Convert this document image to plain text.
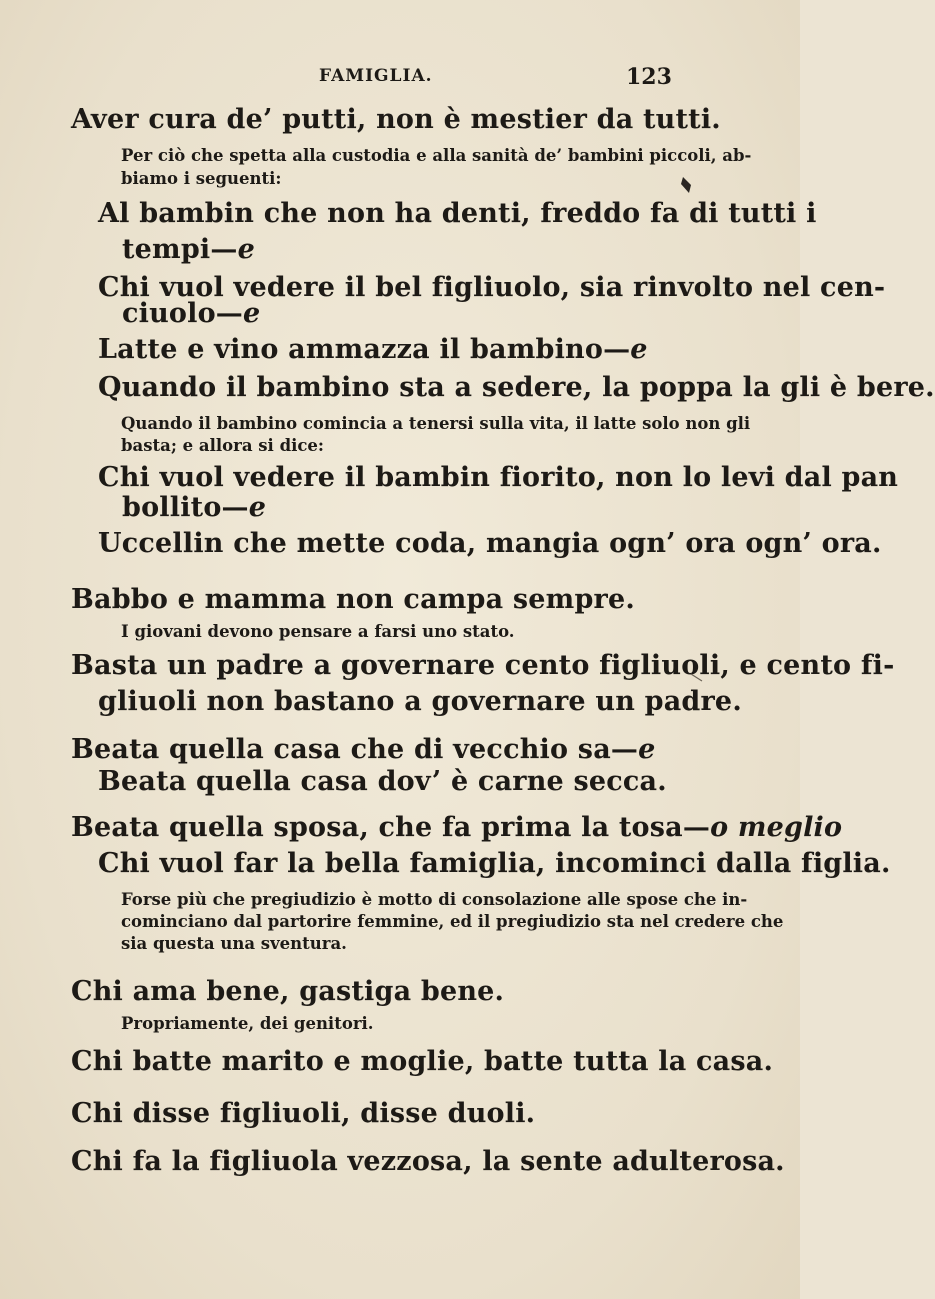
FAMIGLIA.	123
Aver cura de’ putti, non è mestier da tutti.
Per ciò che spetta alla custodia e alla sanità de’ bambini piccoli, ab-
biamo i seguenti:
Al bambin che non ha denti, freddo fa di tutti i
tempi—e
Chi vuol vedere il bel figliuolo, sia rinvolto nel cen-
ciuolo—e
Latte e vino ammazza il bambino—e
Quando il bambino sta a sedere, la poppa la gli è bere.
Quando il bambino comincia a tenersi sulla vita, il latte solo non gli
basta; e allora si dice:
Chi vuol vedere il bambin fiorito, non lo levi dal pan
bollito—e
Uccellin che mette coda, mangia ogn’ ora ogn’ ora.
Babbo e mamma non campa sempre.
I giovani devono pensare a farsi uno stato.
Basta un padre a governare cento figliuoli, e cento fi-
gliuoli non bastano a governare un padre.
Beata quella casa che di vecchio sa—e
Beata quella casa dov’ è carne secca.
Beata quella sposa, che fa prima la tosa—o meglio
Chi vuol far la bella famiglia, incominci dalla figlia.
Forse più che pregiudizio è motto di consolazione alle spose che in-
cominciano dal partorire femmine, ed il pregiudizio sta nel credere che
sia questa una sventura.
Chi ama bene, gastiga bene.
Propriamente, dei genitori.
Chi batte marito e moglie, batte tutta la casa.
Chi disse figliuoli, disse duoli.
Chi fa la figliuola vezzosa, la sente adulterosa.
